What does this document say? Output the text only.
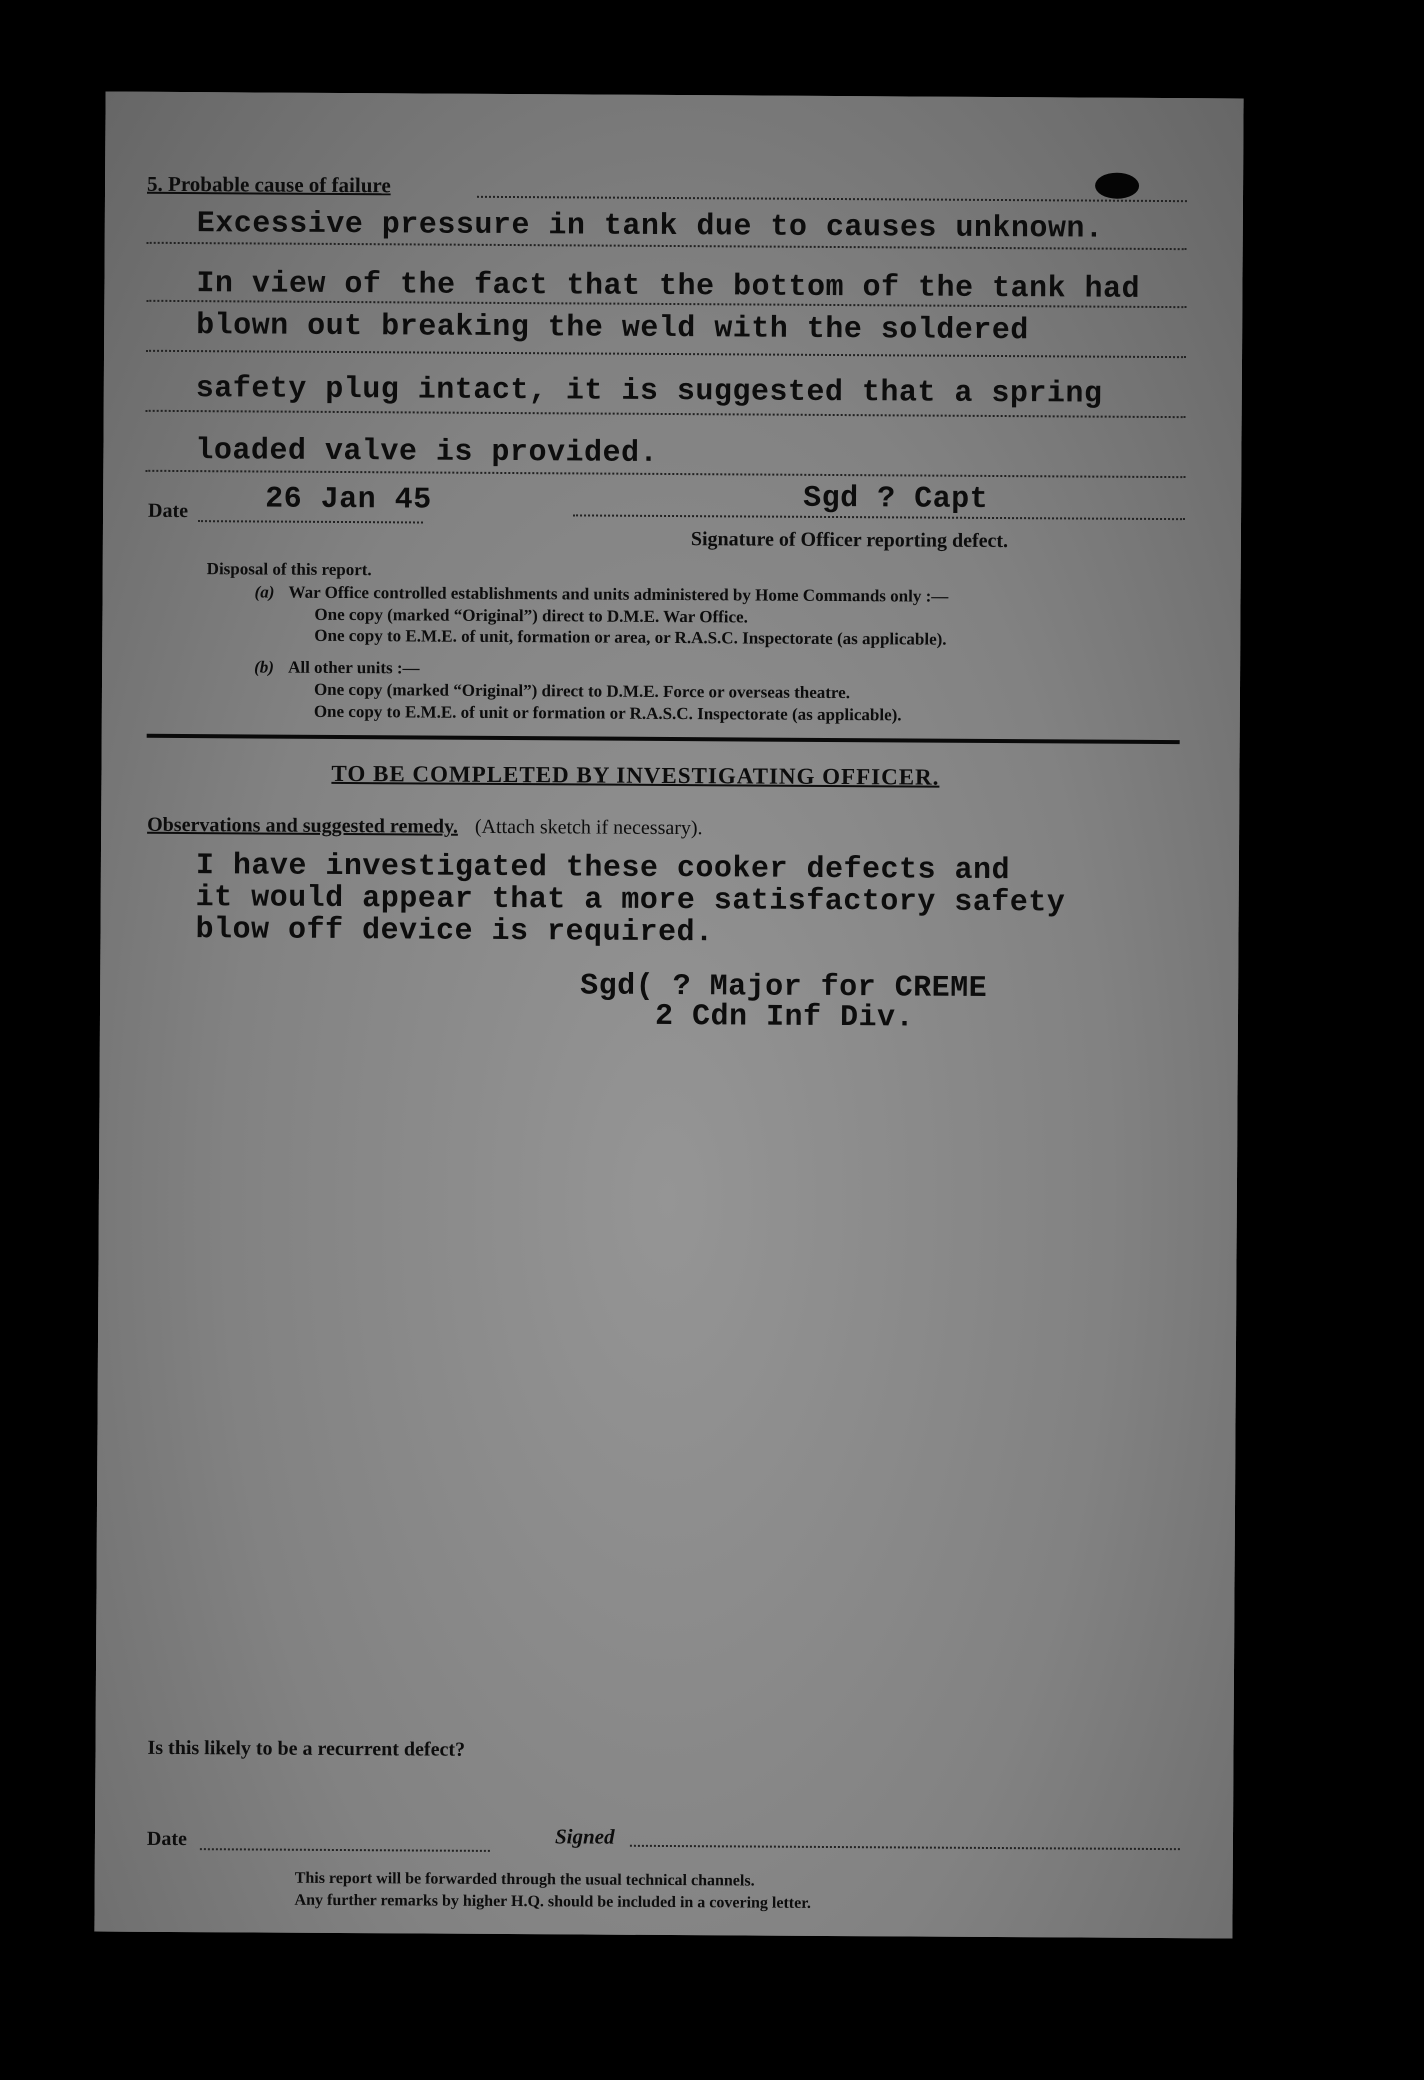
5. Probable cause of failure
Excessive pressure in tank due to causes unknown.
In view of the fact that the bottom of the tank had
blown out breaking the weld with the soldered
safety plug intact, it is suggested that a spring
loaded valve is provided.
Date	26 Jan 45	Sgd ? Capt
Signature of Officer reporting defect.
Disposal of this report.
(a) War Office controlled establishments and units administered by Home Commands only :—
One copy (marked “Original”) direct to D.M.E. War Office.
One copy to E.M.E. of unit, formation or area, or R.A.S.C. Inspectorate (as applicable).
(b) All other units :—
One copy (marked “Original”) direct to D.M.E. Force or overseas theatre.
One copy to E.M.E. of unit or formation or R.A.S.C. Inspectorate (as applicable).
TO BE COMPLETED BY INVESTIGATING OFFICER.
Observations and suggested remedy. (Attach sketch if necessary).
I have investigated these cooker defects and
it would appear that a more satisfactory safety
blow off device is required.
Sgd( ? Major for CREME
2 Cdn Inf Div.
Is this likely to be a recurrent defect?
Date	Signed
This report will be forwarded through the usual technical channels.
Any further remarks by higher H.Q. should be included in a covering letter.
